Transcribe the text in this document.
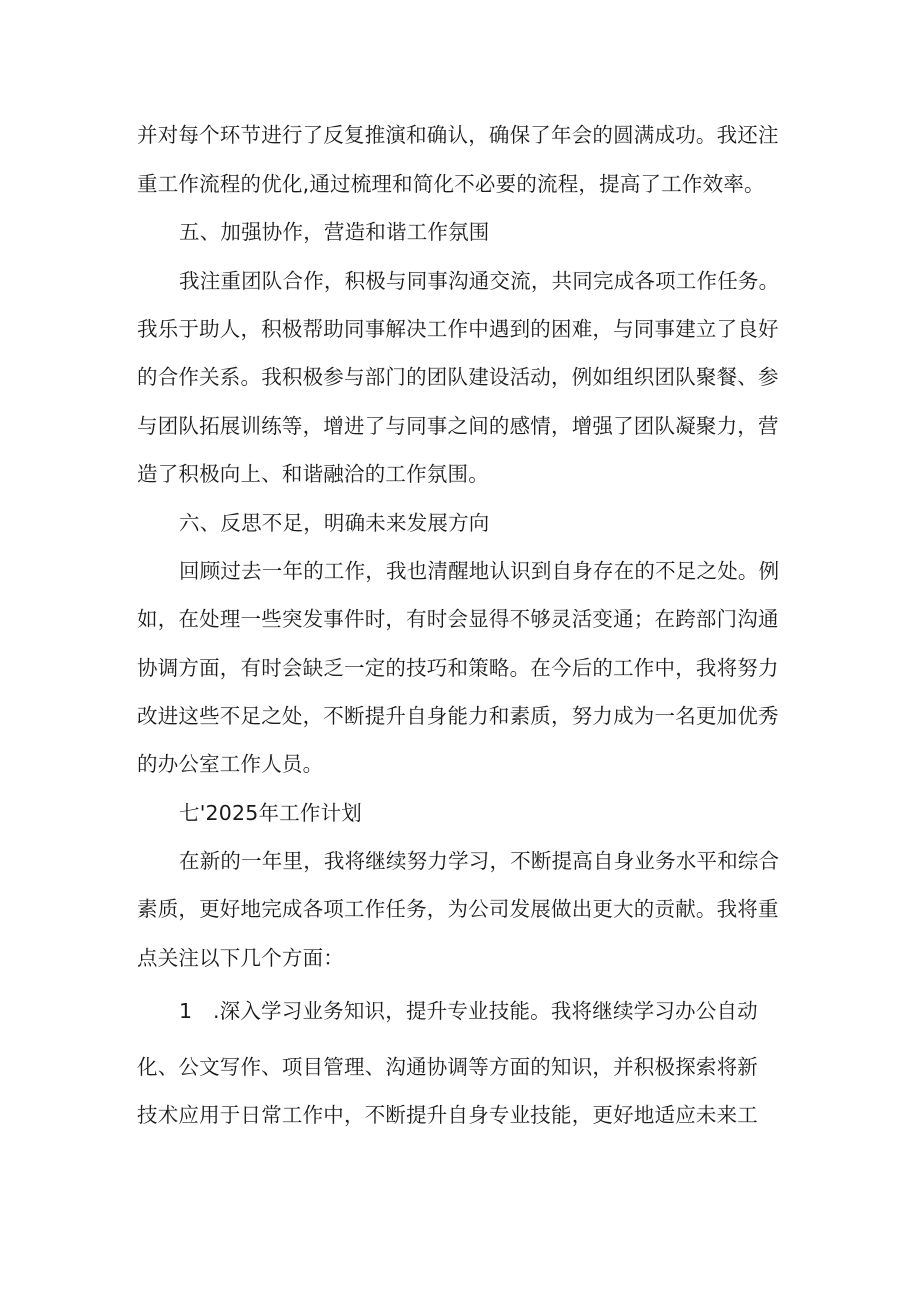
并对每个环节进行了反复推演和确认，确保了年会的圆满成功。我还注
重工作流程的优化,通过梳理和简化不必要的流程，提高了工作效率。
五、加强协作，营造和谐工作氛围
我注重团队合作，积极与同事沟通交流，共同完成各项工作任务。
我乐于助人，积极帮助同事解决工作中遇到的困难，与同事建立了良好
的合作关系。我积极参与部门的团队建设活动，例如组织团队聚餐、参
与团队拓展训练等，增进了与同事之间的感情，增强了团队凝聚力，营
造了积极向上、和谐融洽的工作氛围。
六、反思不足，明确未来发展方向
回顾过去一年的工作，我也清醒地认识到自身存在的不足之处。例
如，在处理一些突发事件时，有时会显得不够灵活变通；在跨部门沟通
协调方面，有时会缺乏一定的技巧和策略。在今后的工作中，我将努力
改进这些不足之处，不断提升自身能力和素质，努力成为一名更加优秀
的办公室工作人员。
七'2025年工作计划
在新的一年里，我将继续努力学习，不断提高自身业务水平和综合
素质，更好地完成各项工作任务，为公司发展做出更大的贡献。我将重
点关注以下几个方面：
1　.深入学习业务知识，提升专业技能。我将继续学习办公自动
化、公文写作、项目管理、沟通协调等方面的知识，并积极探索将新
技术应用于日常工作中，不断提升自身专业技能，更好地适应未来工
